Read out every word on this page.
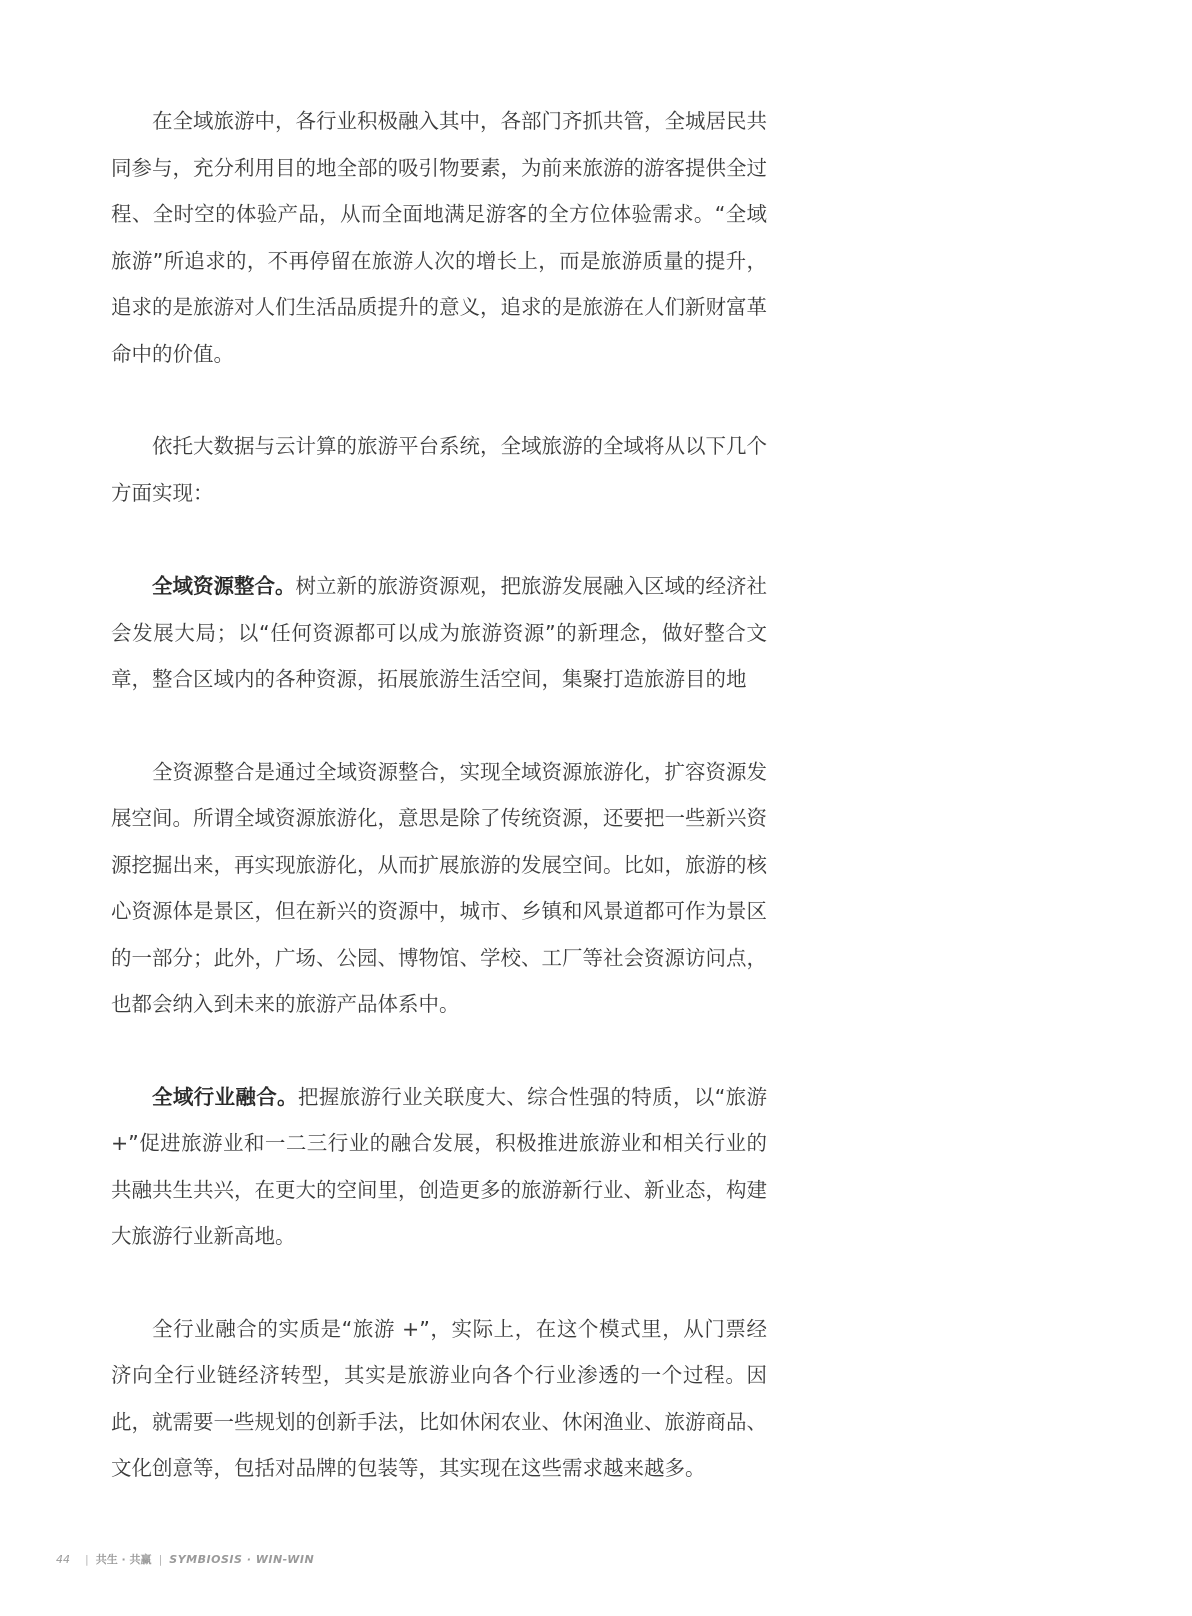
在全域旅游中，各行业积极融入其中，各部门齐抓共管，全城居民共同参与，充分利用目的地全部的吸引物要素，为前来旅游的游客提供全过程、全时空的体验产品，从而全面地满足游客的全方位体验需求。“全域旅游”所追求的，不再停留在旅游人次的增长上，而是旅游质量的提升，追求的是旅游对人们生活品质提升的意义，追求的是旅游在人们新财富革命中的价值。

依托大数据与云计算的旅游平台系统，全域旅游的全域将从以下几个方面实现：

全域资源整合。树立新的旅游资源观，把旅游发展融入区域的经济社会发展大局；以“任何资源都可以成为旅游资源”的新理念，做好整合文章，整合区域内的各种资源，拓展旅游生活空间，集聚打造旅游目的地

全资源整合是通过全域资源整合，实现全域资源旅游化，扩容资源发展空间。所谓全域资源旅游化，意思是除了传统资源，还要把一些新兴资源挖掘出来，再实现旅游化，从而扩展旅游的发展空间。比如，旅游的核心资源体是景区，但在新兴的资源中，城市、乡镇和风景道都可作为景区的一部分；此外，广场、公园、博物馆、学校、工厂等社会资源访问点，也都会纳入到未来的旅游产品体系中。

全域行业融合。把握旅游行业关联度大、综合性强的特质，以“旅游 +”促进旅游业和一二三行业的融合发展，积极推进旅游业和相关行业的共融共生共兴，在更大的空间里，创造更多的旅游新行业、新业态，构建大旅游行业新高地。

全行业融合的实质是“旅游 +”，实际上，在这个模式里，从门票经济向全行业链经济转型，其实是旅游业向各个行业渗透的一个过程。因此，就需要一些规划的创新手法，比如休闲农业、休闲渔业、旅游商品、文化创意等，包括对品牌的包装等，其实现在这些需求越来越多。

44 | 共生 · 共赢 | SYMBIOSIS · WIN-WIN
